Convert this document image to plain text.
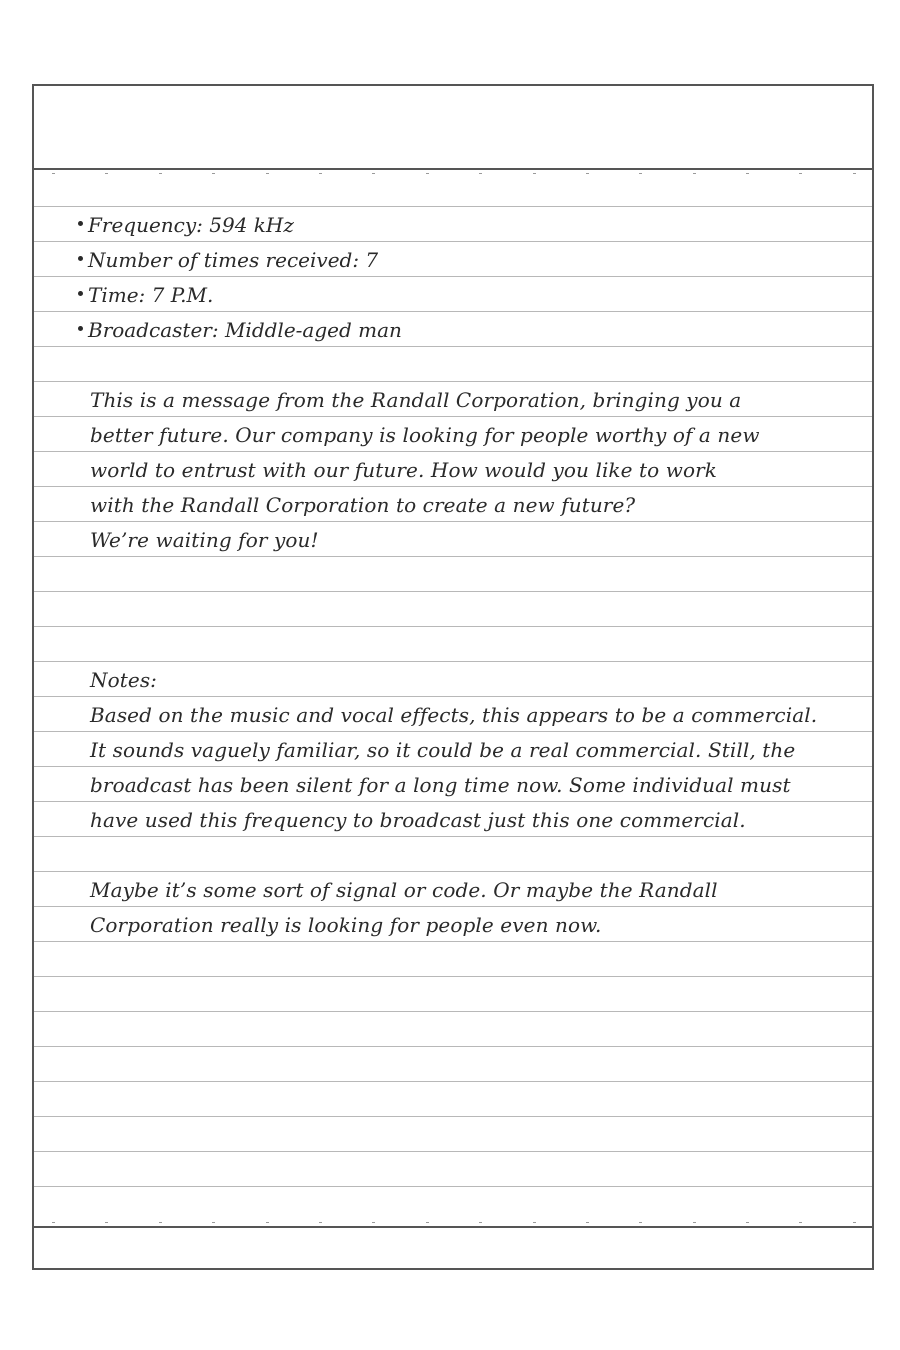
Frequency: 594 kHz
Number of times received: 7
Time: 7 P.M.
Broadcaster: Middle-aged man
This is a message from the Randall Corporation, bringing you a
better future. Our company is looking for people worthy of a new
world to entrust with our future. How would you like to work
with the Randall Corporation to create a new future?
We’re waiting for you!
Notes:
Based on the music and vocal effects, this appears to be a commercial.
It sounds vaguely familiar, so it could be a real commercial. Still, the
broadcast has been silent for a long time now. Some individual must
have used this frequency to broadcast just this one commercial.
Maybe it’s some sort of signal or code. Or maybe the Randall
Corporation really is looking for people even now.
